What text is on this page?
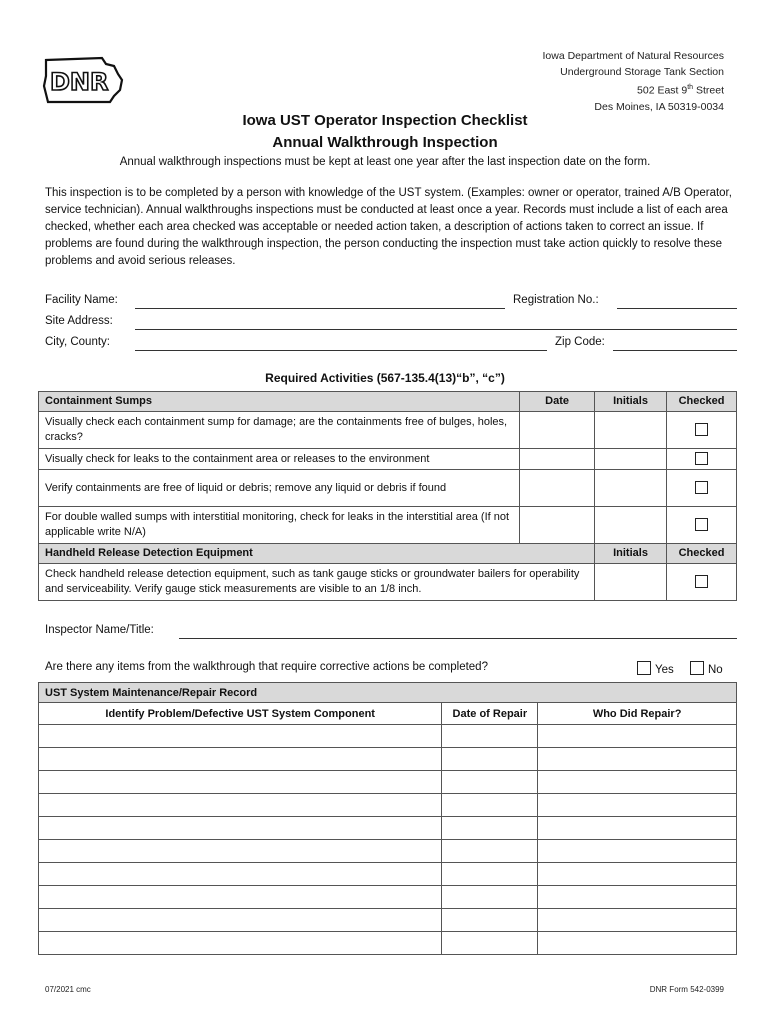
DNR
Iowa Department of Natural Resources
Underground Storage Tank Section
502 East 9th Street
Des Moines, IA 50319-0034
Iowa UST Operator Inspection Checklist
Annual Walkthrough Inspection
Annual walkthrough inspections must be kept at least one year after the last inspection date on the form.
This inspection is to be completed by a person with knowledge of the UST system. (Examples: owner or operator, trained A/B Operator, service technician). Annual walkthroughs inspections must be conducted at least once a year. Records must include a list of each area checked, whether each area checked was acceptable or needed action taken, a description of actions taken to correct an issue. If problems are found during the walkthrough inspection, the person conducting the inspection must take action quickly to resolve these problems and avoid serious releases.
Facility Name:	Registration No.:
Site Address:
City, County:	Zip Code:
Required Activities (567-135.4(13)“b”, “c”)
Containment Sumps	Date	Initials	Checked
Visually check each containment sump for damage; are the containments free of bulges, holes, cracks?			
Visually check for leaks to the containment area or releases to the environment			
Verify containments are free of liquid or debris; remove any liquid or debris if found			
For double walled sumps with interstitial monitoring, check for leaks in the interstitial area (If not applicable write N/A)			
Handheld Release Detection Equipment		Initials	Checked
Check handheld release detection equipment, such as tank gauge sticks or groundwater bailers for operability and serviceability. Verify gauge stick measurements are visible to an 1/8 inch.			
Inspector Name/Title:
Are there any items from the walkthrough that require corrective actions be completed?	Yes	No
UST System Maintenance/Repair Record		
Identify Problem/Defective UST System Component	Date of Repair	Who Did Repair?

07/2021 cmc	DNR Form 542-0399
